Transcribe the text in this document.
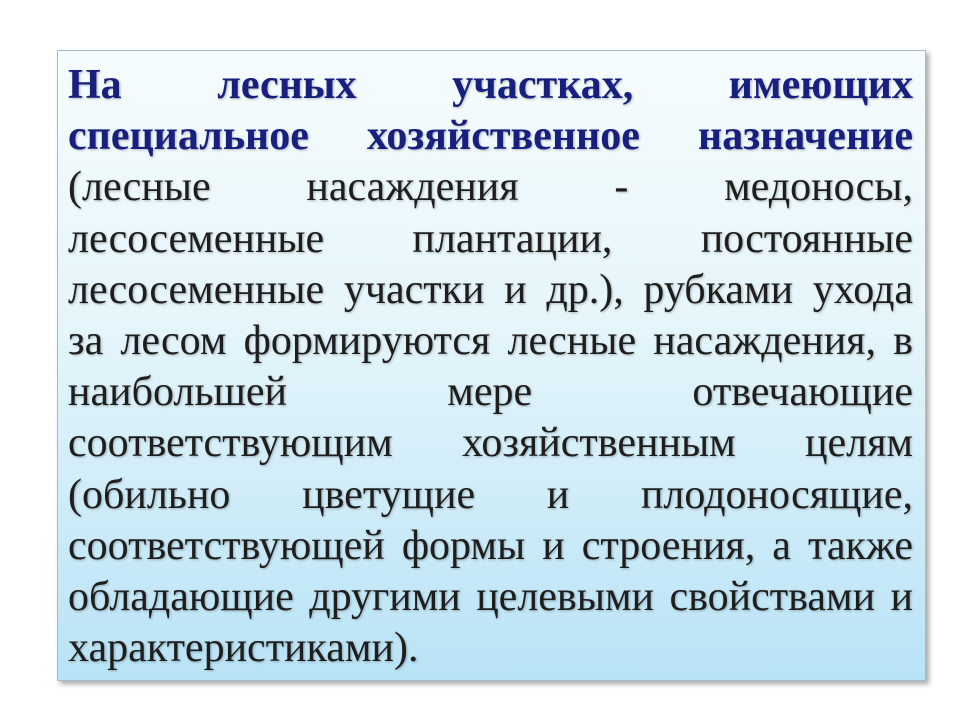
На лесных участках, имеющих
специальное хозяйственное назначение
(лесные насаждения - медоносы,
лесосеменные плантации, постоянные
лесосеменные участки и др.), рубками ухода
за лесом формируются лесные насаждения, в
наибольшей мере отвечающие
соответствующим хозяйственным целям
(обильно цветущие и плодоносящие,
соответствующей формы и строения, а также
обладающие другими целевыми свойствами и
характеристиками).
